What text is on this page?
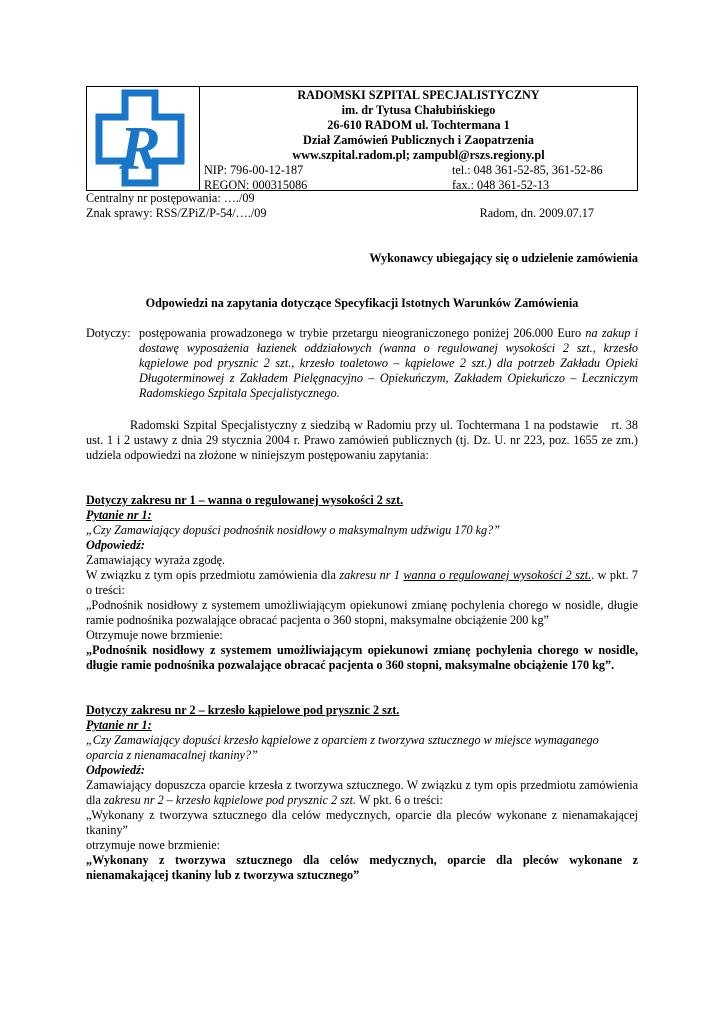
R
RADOMSKI SZPITAL SPECJALISTYCZNY
im. dr Tytusa Chałubińskiego
26-610 RADOM ul. Tochtermana 1
Dział Zamówień Publicznych i Zaopatrzenia
www.szpital.radom.pl; zampubl@rszs.regiony.pl
NIP: 796-00-12-187	tel.: 048 361-52-85, 361-52-86
REGON: 000315086	fax.: 048 361-52-13
Centralny nr postępowania: …./09
Znak sprawy: RSS/ZPiZ/P-54/…./09	Radom, dn. 2009.07.17
Wykonawcy ubiegający się o udzielenie zamówienia
Odpowiedzi na zapytania dotyczące Specyfikacji Istotnych Warunków Zamówienia
Dotyczy: postępowania prowadzonego w trybie przetargu nieograniczonego poniżej 206.000 Euro na zakup i dostawę wyposażenia łazienek oddziałowych (wanna o regulowanej wysokości 2 szt., krzesło kąpielowe pod prysznic 2 szt., krzesło toaletowo – kąpielowe 2 szt.) dla potrzeb Zakładu Opieki Długoterminowej z Zakładem Pielęgnacyjno – Opiekuńczym, Zakładem Opiekuńczo – Leczniczym Radomskiego Szpitala Specjalistycznego.

Radomski Szpital Specjalistyczny z siedzibą w Radomiu przy ul. Tochtermana 1 na podstawie rt. 38 ust. 1 i 2 ustawy z dnia 29 stycznia 2004 r. Prawo zamówień publicznych (tj. Dz. U. nr 223, poz. 1655 ze zm.) udziela odpowiedzi na złożone w niniejszym postępowaniu zapytania:

Dotyczy zakresu nr 1 – wanna o regulowanej wysokości 2 szt.
Pytanie nr 1:
„Czy Zamawiający dopuści podnośnik nosidłowy o maksymalnym udźwigu 170 kg?”
Odpowiedź:
Zamawiający wyraża zgodę.

W związku z tym opis przedmiotu zamówienia dla zakresu nr 1 wanna o regulowanej wysokości 2 szt.. w pkt. 7 o treści:

„Podnośnik nosidłowy z systemem umożliwiającym opiekunowi zmianę pochylenia chorego w nosidle, długie ramie podnośnika pozwalające obracać pacjenta o 360 stopni, maksymalne obciążenie 200 kg”

Otrzymuje nowe brzmienie:

„Podnośnik nosidłowy z systemem umożliwiającym opiekunowi zmianę pochylenia chorego w nosidle, długie ramie podnośnika pozwalające obracać pacjenta o 360 stopni, maksymalne obciążenie 170 kg”.

Dotyczy zakresu nr 2 – krzesło kąpielowe pod prysznic 2 szt.
Pytanie nr 1:
„Czy Zamawiający dopuści krzesło kąpielowe z oparciem z tworzywa sztucznego w miejsce wymaganego oparcia z nienamacalnej tkaniny?”
Odpowiedź:

Zamawiający dopuszcza oparcie krzesła z tworzywa sztucznego. W związku z tym opis przedmiotu zamówienia dla zakresu nr 2 – krzesło kąpielowe pod prysznic 2 szt. W pkt. 6 o treści:

„Wykonany z tworzywa sztucznego dla celów medycznych, oparcie dla pleców wykonane z nienamakającej tkaniny”

otrzymuje nowe brzmienie:

„Wykonany z tworzywa sztucznego dla celów medycznych, oparcie dla pleców wykonane z nienamakającej tkaniny lub z tworzywa sztucznego”
